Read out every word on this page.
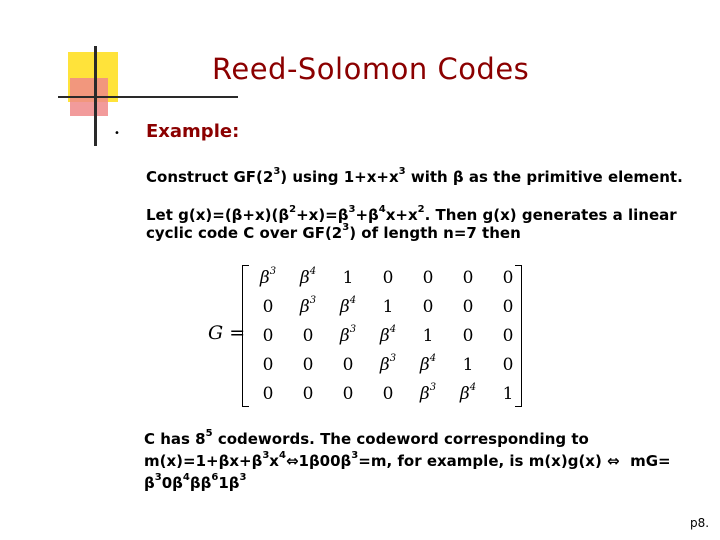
Reed-Solomon Codes
• Example:
Construct $GF(2^3)$ using $1+x+x^3$ with β as the primitive element.
Let $g(x)=(\beta+x)(\beta^2+x)=\beta^3+\beta^4x+x^2$. Then g(x) generates a linear cyclic code C over $GF(2^3)$ of length n=7 then
G =
$\beta^3$	$\beta^4$	1	0	0	0	0
0	$\beta^3$	$\beta^4$	1	0	0	0
0	0	$\beta^3$	$\beta^4$	1	0	0
0	0	0	$\beta^3$	$\beta^4$	1	0
0	0	0	0	$\beta^3$	$\beta^4$	1
C has $8^5$ codewords. The codeword corresponding to $m(x)=1+\beta x+\beta^3x^4\Leftrightarrow 1\beta 00\beta^3=m$, for example, is m(x)g(x) ⇔  $mG= \beta^30\beta^4\beta\beta^61\beta^3$
p8.
